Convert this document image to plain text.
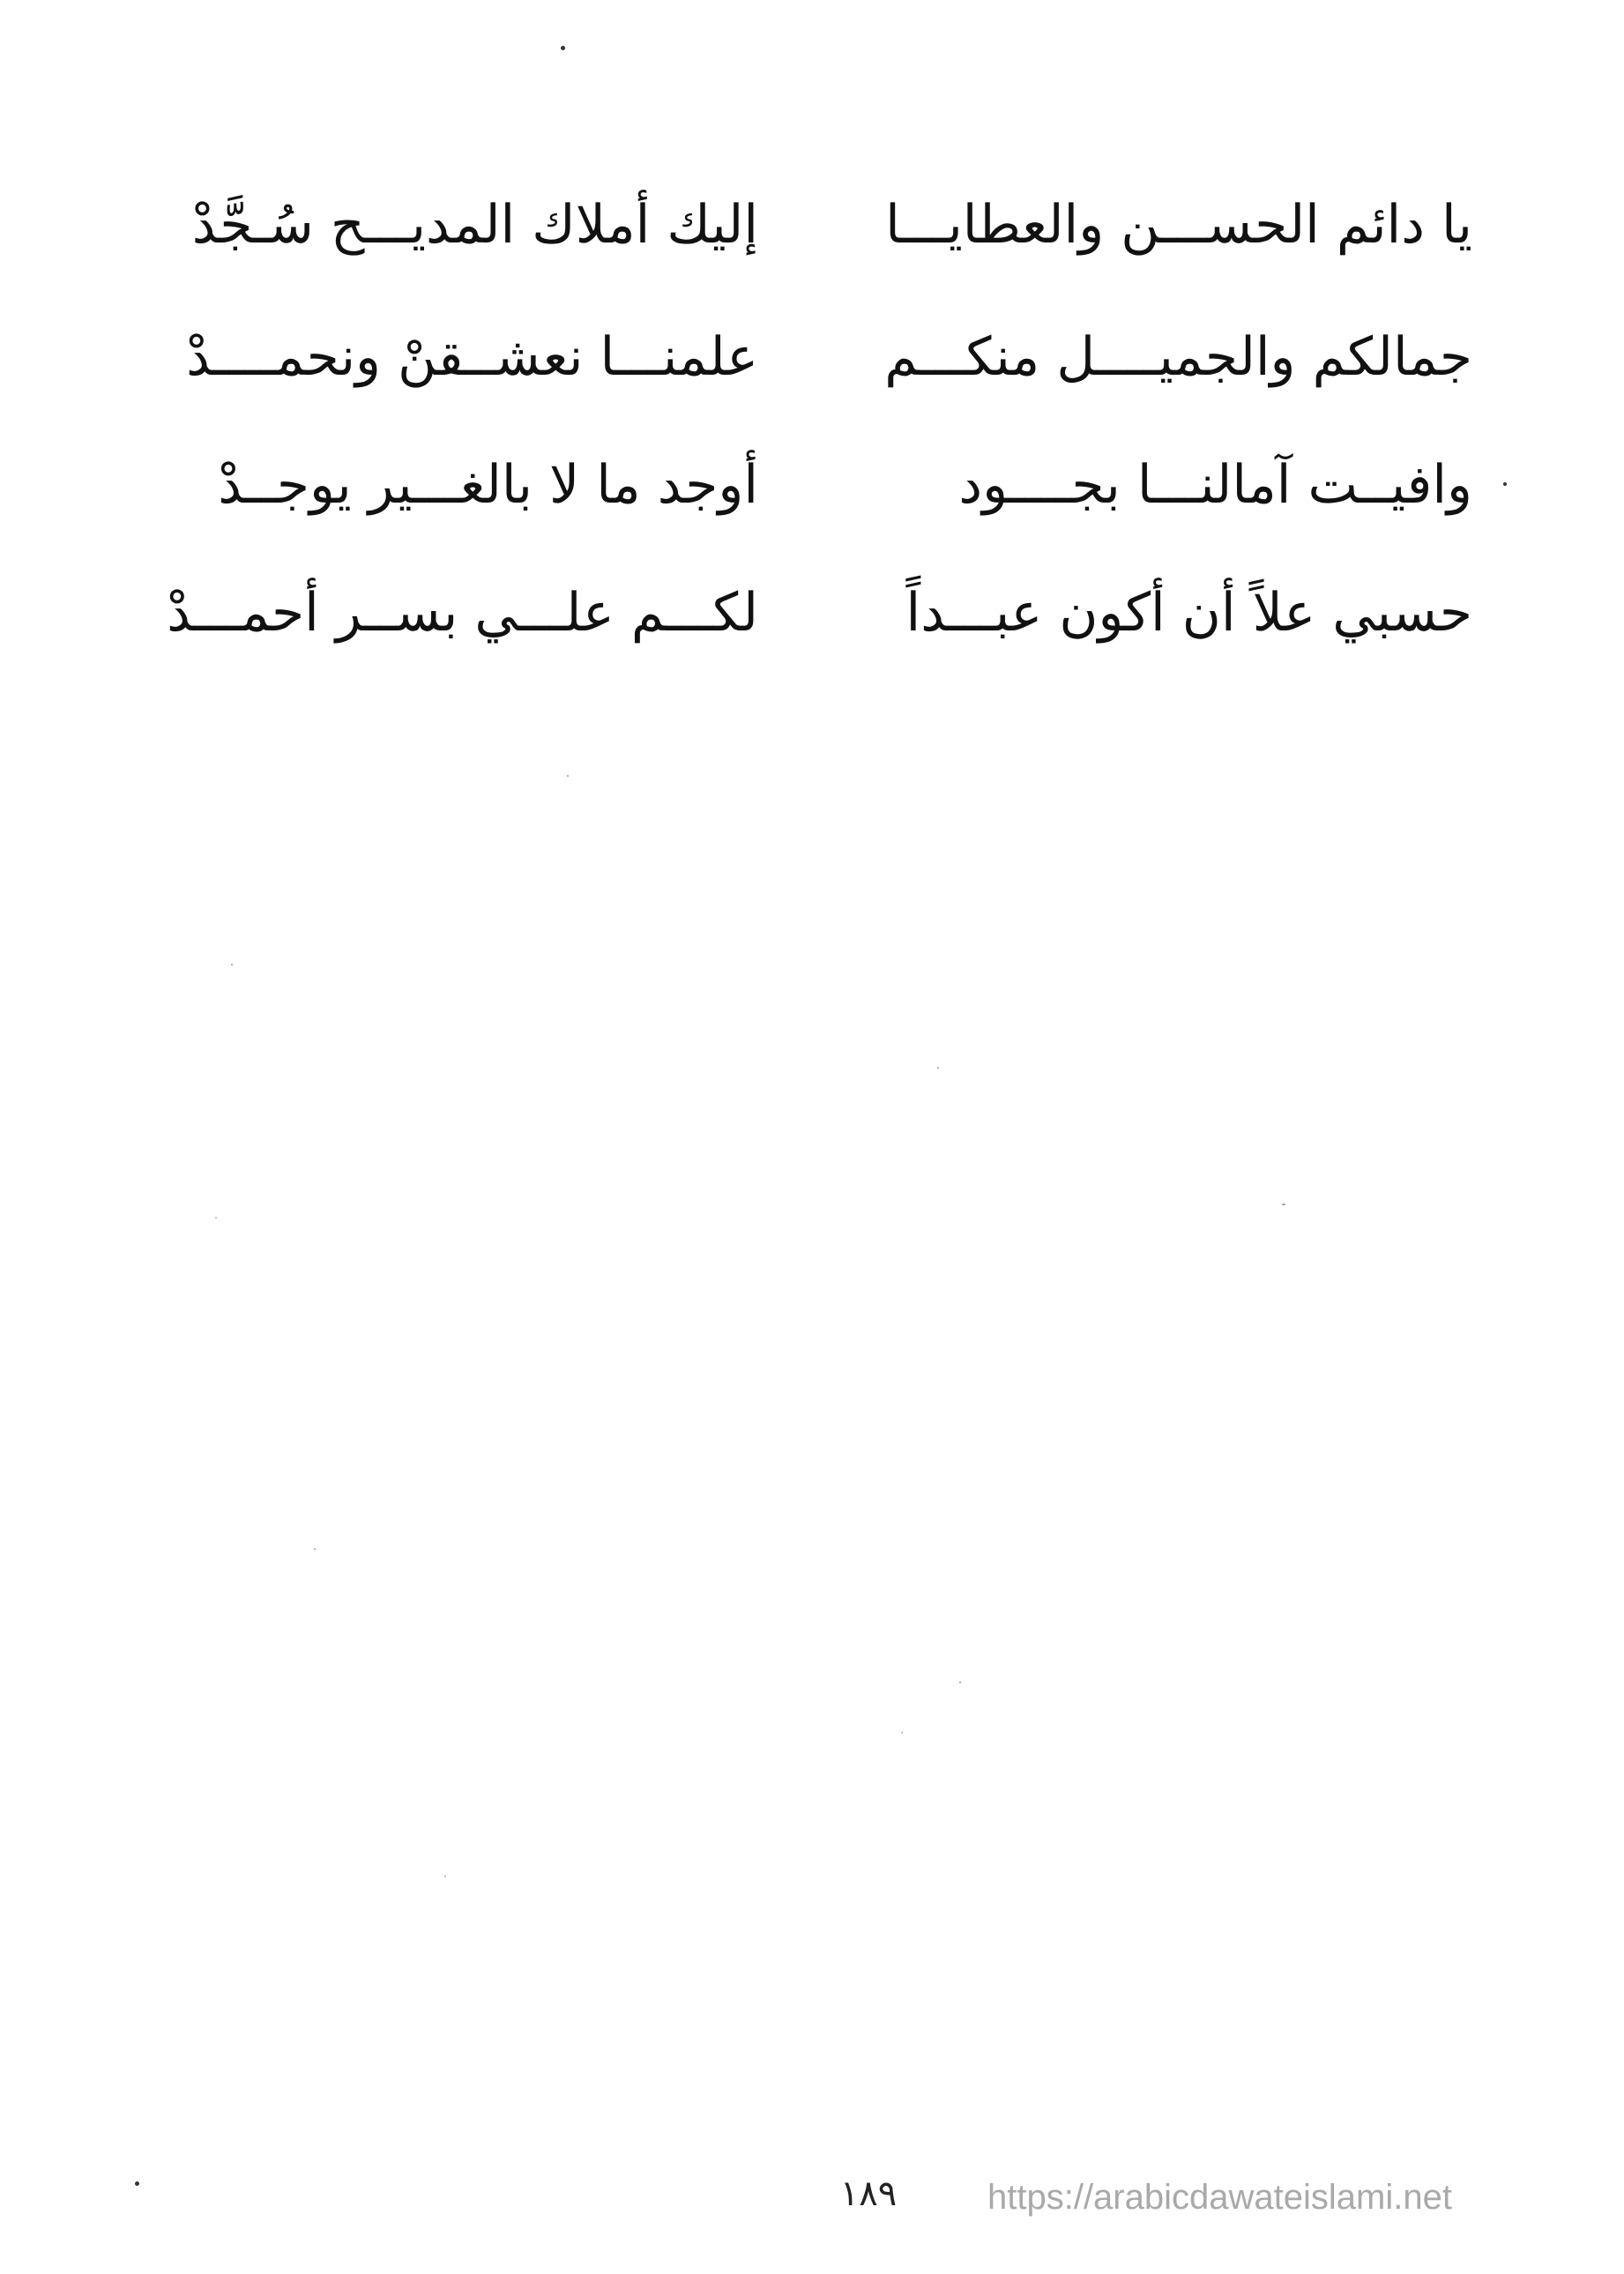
يا دائم الحســـن والعطايـــا
إليك أملاك المديـــح سُـجَّدْ
جمالكم والجميــــل منكـــم
علمنـــا نعشــقنْ ونحمــــدْ
وافيــت آمالنـــا بجــــود
أوجد ما لا بالغـــير يوجــدْ
حسبي علاً أن أكون عبـــداً
لكـــم علـــي بســر أحمـــدْ
١٨٩	https://arabicdawateislami.net
